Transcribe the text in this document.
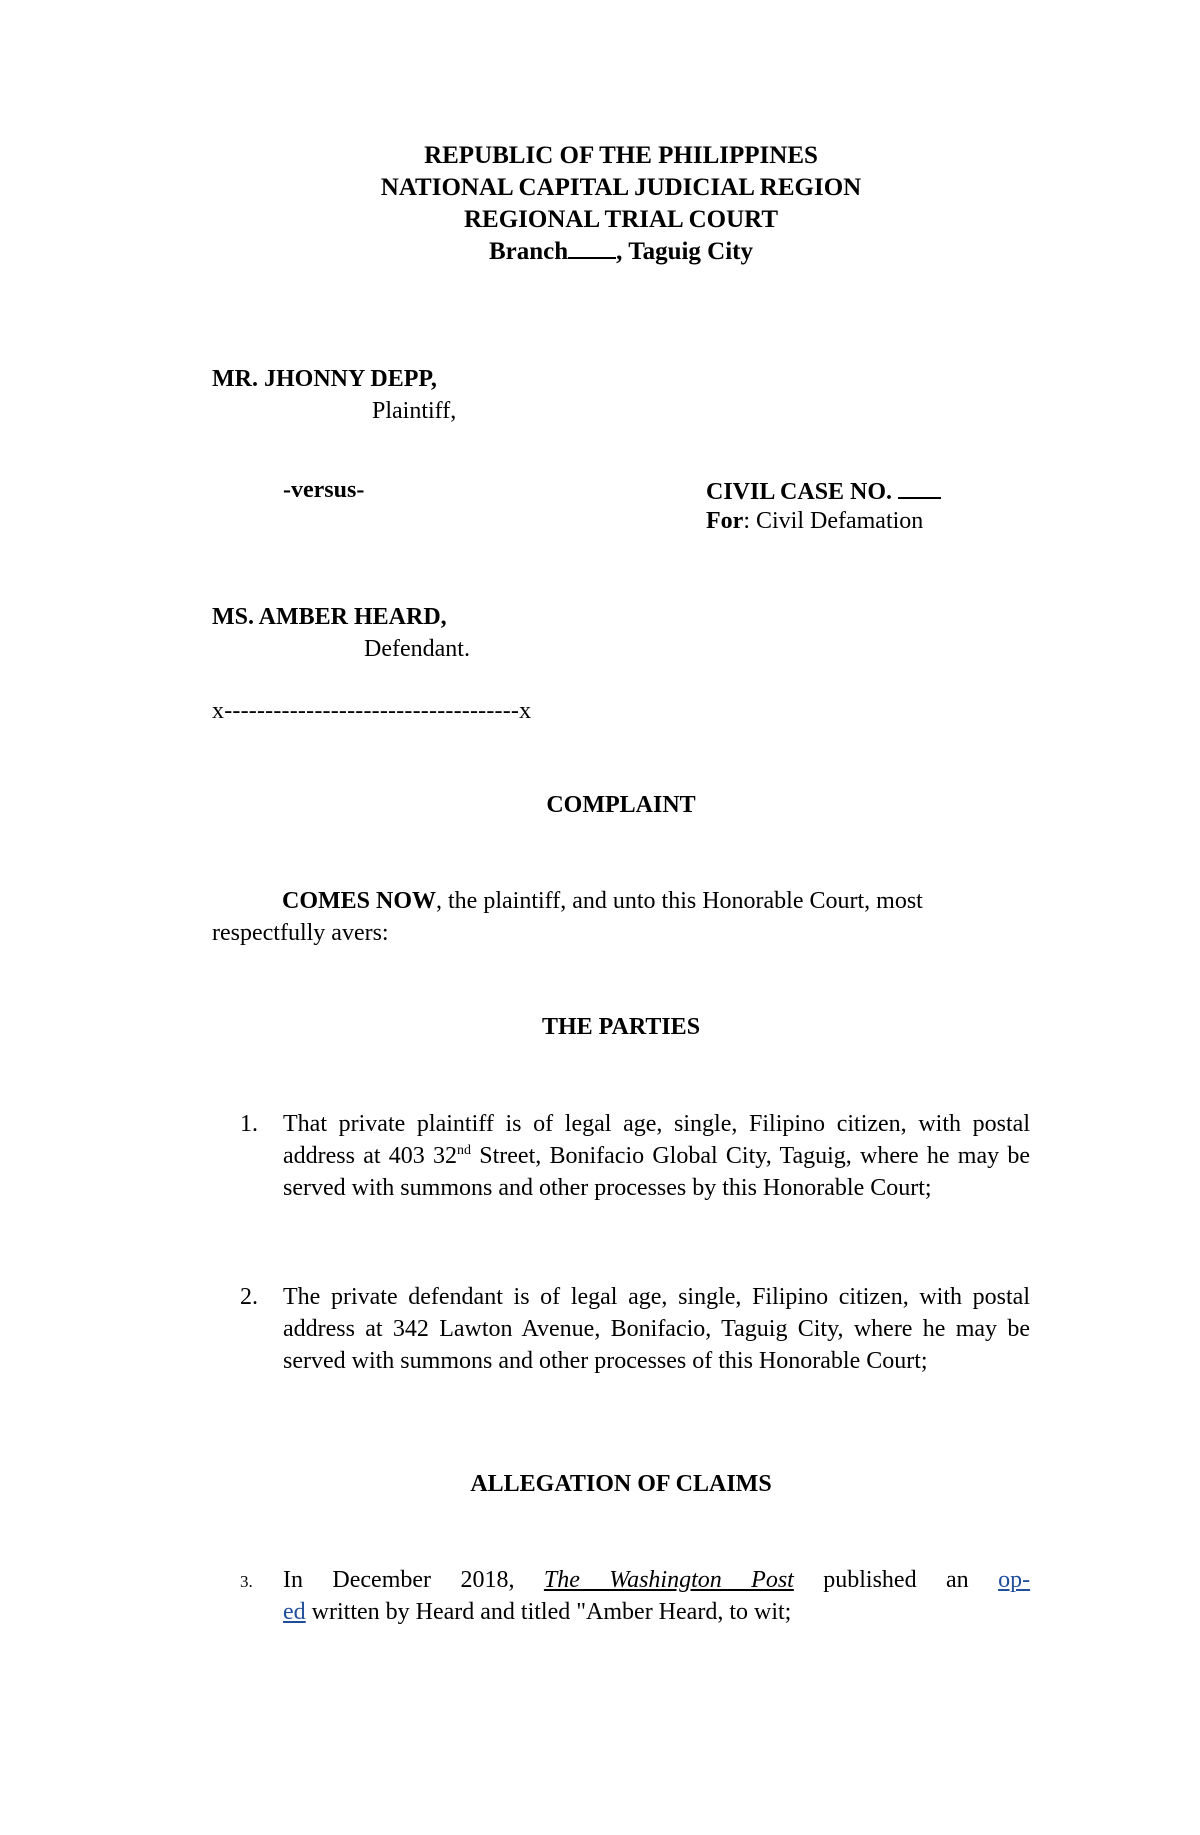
REPUBLIC OF THE PHILIPPINES
NATIONAL CAPITAL JUDICIAL REGION
REGIONAL TRIAL COURT
Branch , Taguig City
MR. JHONNY DEPP,
Plaintiff,
-versus-	CIVIL CASE NO.
For: Civil Defamation
MS. AMBER HEARD,
Defendant.
x------------------------------------x
COMPLAINT
COMES NOW, the plaintiff, and unto this Honorable Court, most
respectfully avers:
THE PARTIES
1. That private plaintiff is of legal age, single, Filipino citizen, with postal address at 403 32nd Street, Bonifacio Global City, Taguig, where he may be served with summons and other processes by this Honorable Court;
2. The private defendant is of legal age, single, Filipino citizen, with postal address at 342 Lawton Avenue, Bonifacio, Taguig City, where he may be served with summons and other processes of this Honorable Court;
ALLEGATION OF CLAIMS
3. In December 2018, The Washington Post published an op-
ed written by Heard and titled "Amber Heard, to wit;
